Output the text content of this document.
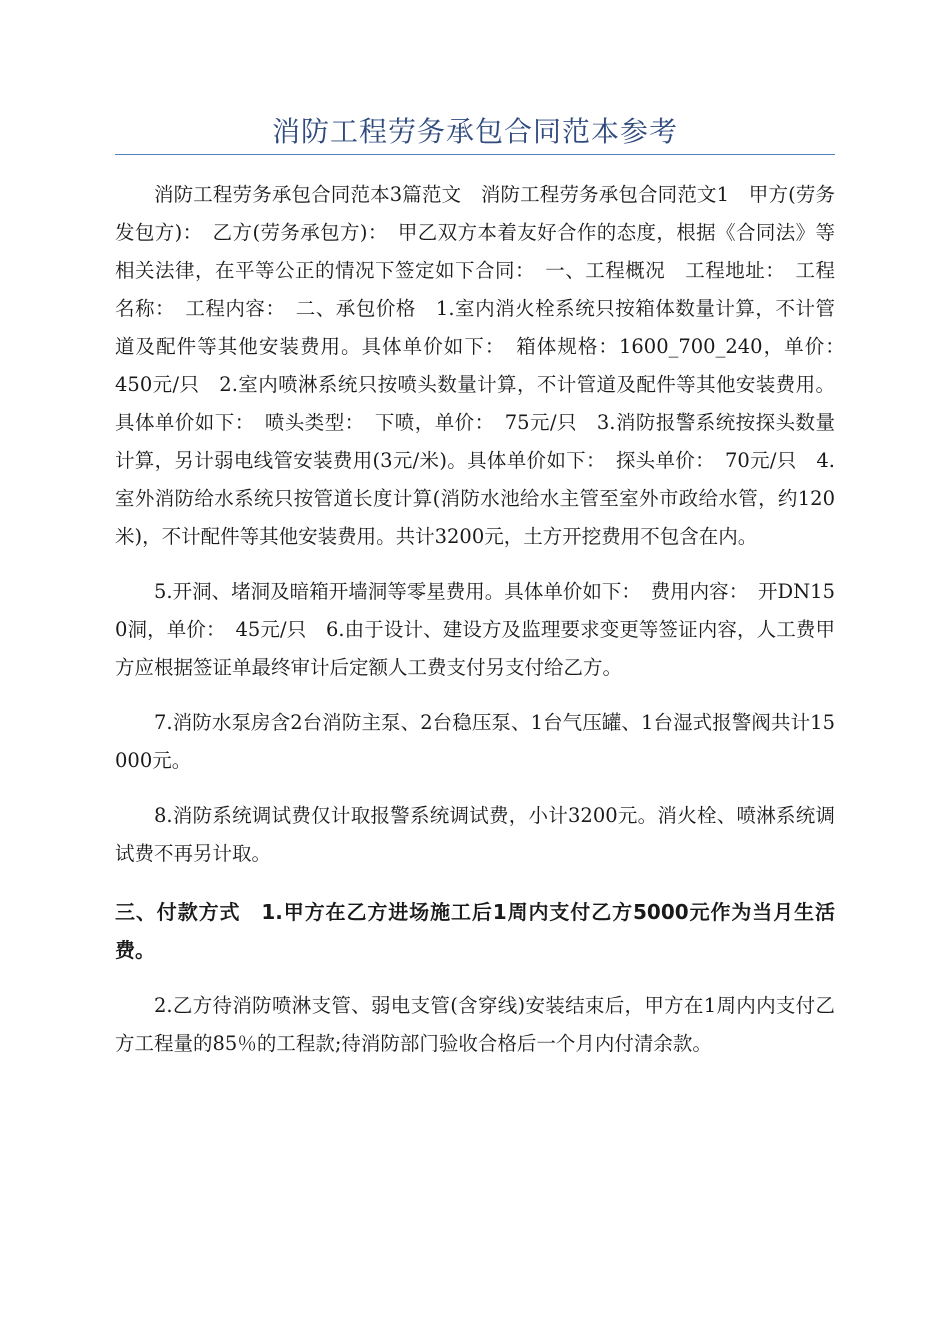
消防工程劳务承包合同范本参考

消防工程劳务承包合同范本3篇范文　消防工程劳务承包合同范文1　甲方(劳务发包方)：　乙方(劳务承包方)：　甲乙双方本着友好合作的态度，根据《合同法》等相关法律，在平等公正的情况下签定如下合同：　一、工程概况　工程地址：　工程名称：　工程内容：　二、承包价格　1.室内消火栓系统只按箱体数量计算，不计管道及配件等其他安装费用。具体单价如下：　箱体规格：1600_700_240，单价：　450元/只　2.室内喷淋系统只按喷头数量计算，不计管道及配件等其他安装费用。具体单价如下：　喷头类型：　下喷，单价：　75元/只　3.消防报警系统按探头数量计算，另计弱电线管安装费用(3元/米)。具体单价如下：　探头单价：　70元/只　4.室外消防给水系统只按管道长度计算(消防水池给水主管至室外市政给水管，约120米)，不计配件等其他安装费用。共计3200元，土方开挖费用不包含在内。

5.开洞、堵洞及暗箱开墙洞等零星费用。具体单价如下：　费用内容：　开DN150洞，单价：　45元/只　6.由于设计、建设方及监理要求变更等签证内容，人工费甲方应根据签证单最终审计后定额人工费支付另支付给乙方。

7.消防水泵房含2台消防主泵、2台稳压泵、1台气压罐、1台湿式报警阀共计15000元。

8.消防系统调试费仅计取报警系统调试费，小计3200元。消火栓、喷淋系统调试费不再另计取。

三、付款方式　1.甲方在乙方进场施工后1周内支付乙方5000元作为当月生活费。

2.乙方待消防喷淋支管、弱电支管(含穿线)安装结束后，甲方在1周内内支付乙方工程量的85％的工程款;待消防部门验收合格后一个月内付清余款。
